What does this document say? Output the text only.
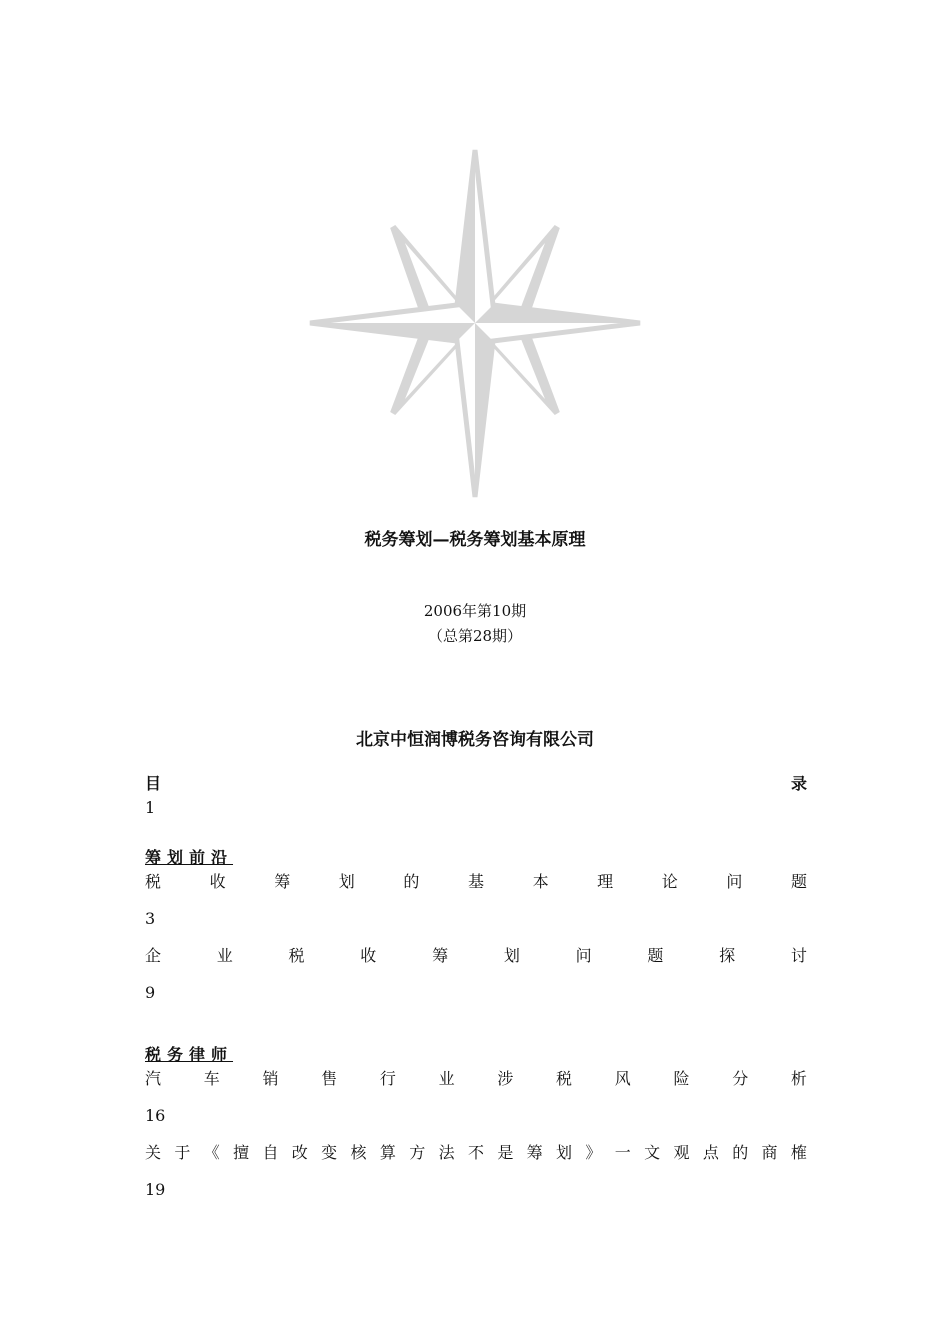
税务筹划—税务筹划基本原理
2006年第10期
（总第28期）
北京中恒润博税务咨询有限公司
目	录
1
筹划前沿
税	收	筹	划	的	基	本	理	论	问	题
3
企	业	税	收	筹	划	问	题	探	讨
9
税务律师
汽	车	销	售	行	业	涉	税	风	险	分	析
16
关 于 《 擅 自 改 变 核 算 方 法 不 是 筹 划 》 一 文 观 点 的 商 榷
19
